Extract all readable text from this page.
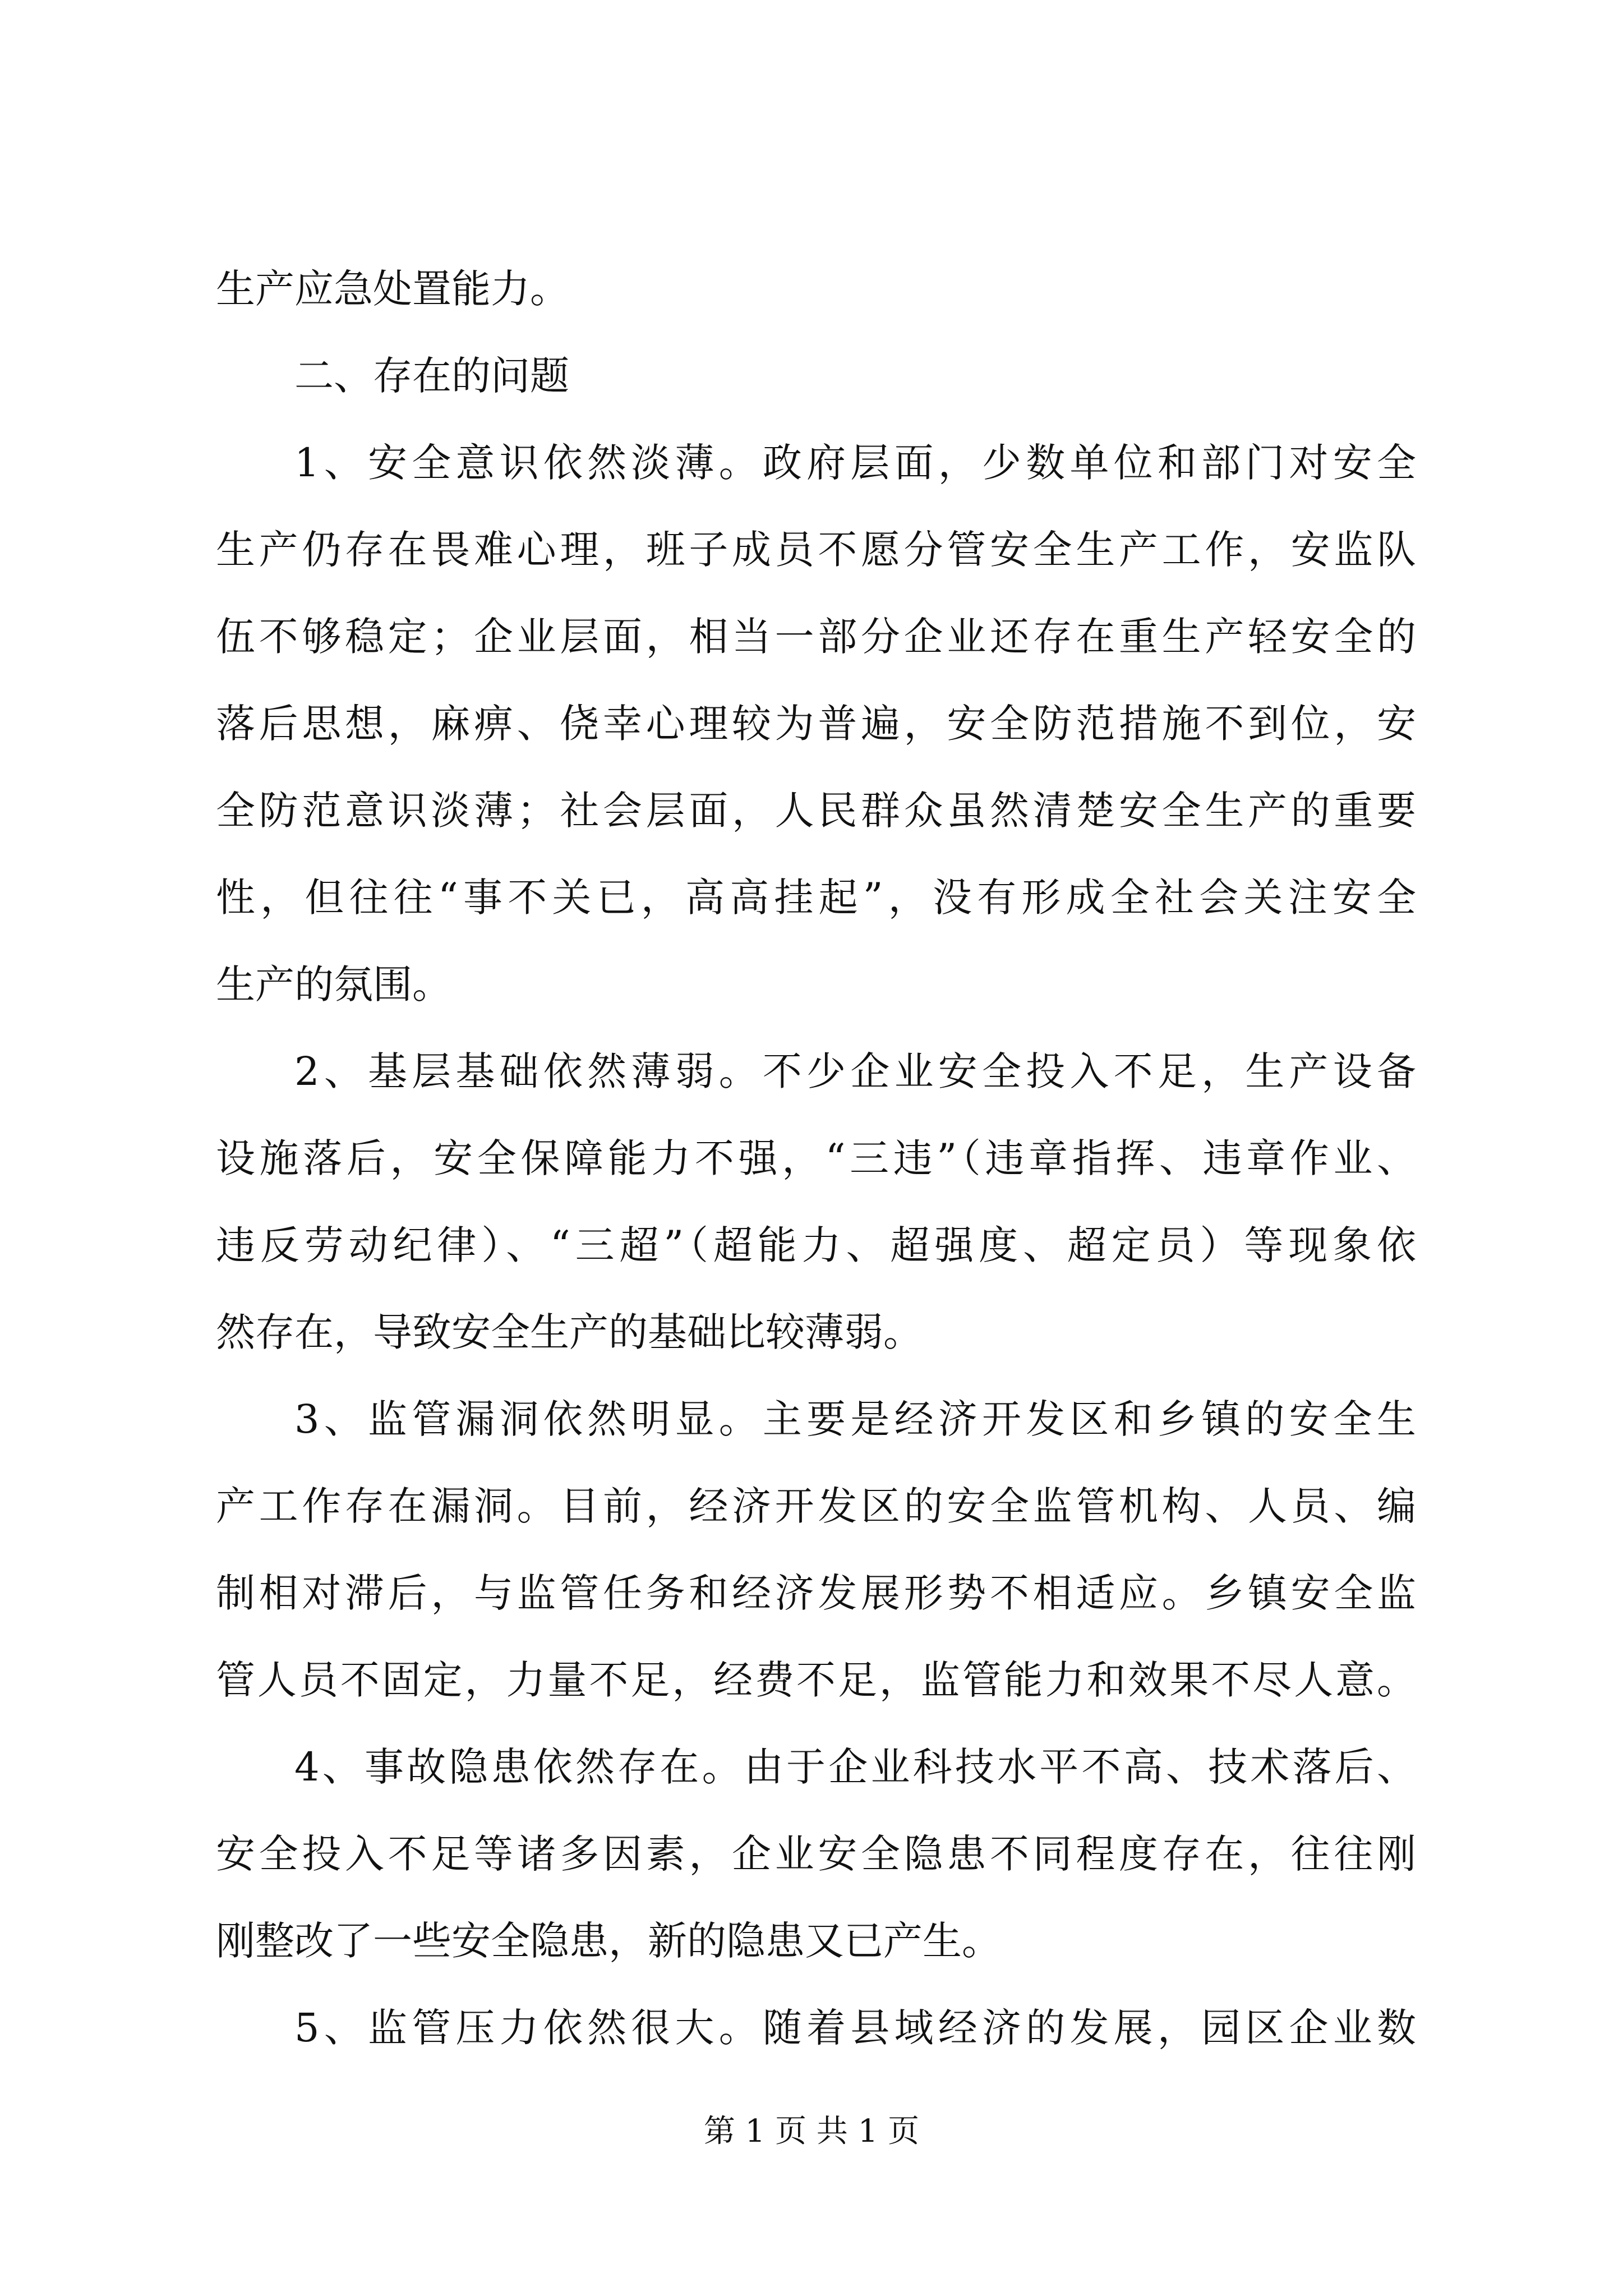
生产应急处置能力。
二、存在的问题
1、安全意识依然淡薄。政府层面，少数单位和部门对安全
生产仍存在畏难心理，班子成员不愿分管安全生产工作，安监队
伍不够稳定；企业层面，相当一部分企业还存在重生产轻安全的
落后思想，麻痹、侥幸心理较为普遍，安全防范措施不到位，安
全防范意识淡薄；社会层面，人民群众虽然清楚安全生产的重要
性，但往往“事不关已，高高挂起”，没有形成全社会关注安全
生产的氛围。
2、基层基础依然薄弱。不少企业安全投入不足，生产设备
设施落后，安全保障能力不强，“三违”（违章指挥、违章作业、
违反劳动纪律）、“三超”（超能力、超强度、超定员）等现象依
然存在，导致安全生产的基础比较薄弱。
3、监管漏洞依然明显。主要是经济开发区和乡镇的安全生
产工作存在漏洞。目前，经济开发区的安全监管机构、人员、编
制相对滞后，与监管任务和经济发展形势不相适应。乡镇安全监
管人员不固定，力量不足，经费不足，监管能力和效果不尽人意。
4、事故隐患依然存在。由于企业科技水平不高、技术落后、
安全投入不足等诸多因素，企业安全隐患不同程度存在，往往刚
刚整改了一些安全隐患，新的隐患又已产生。
5、监管压力依然很大。随着县域经济的发展，园区企业数
第 1 页 共 1 页
